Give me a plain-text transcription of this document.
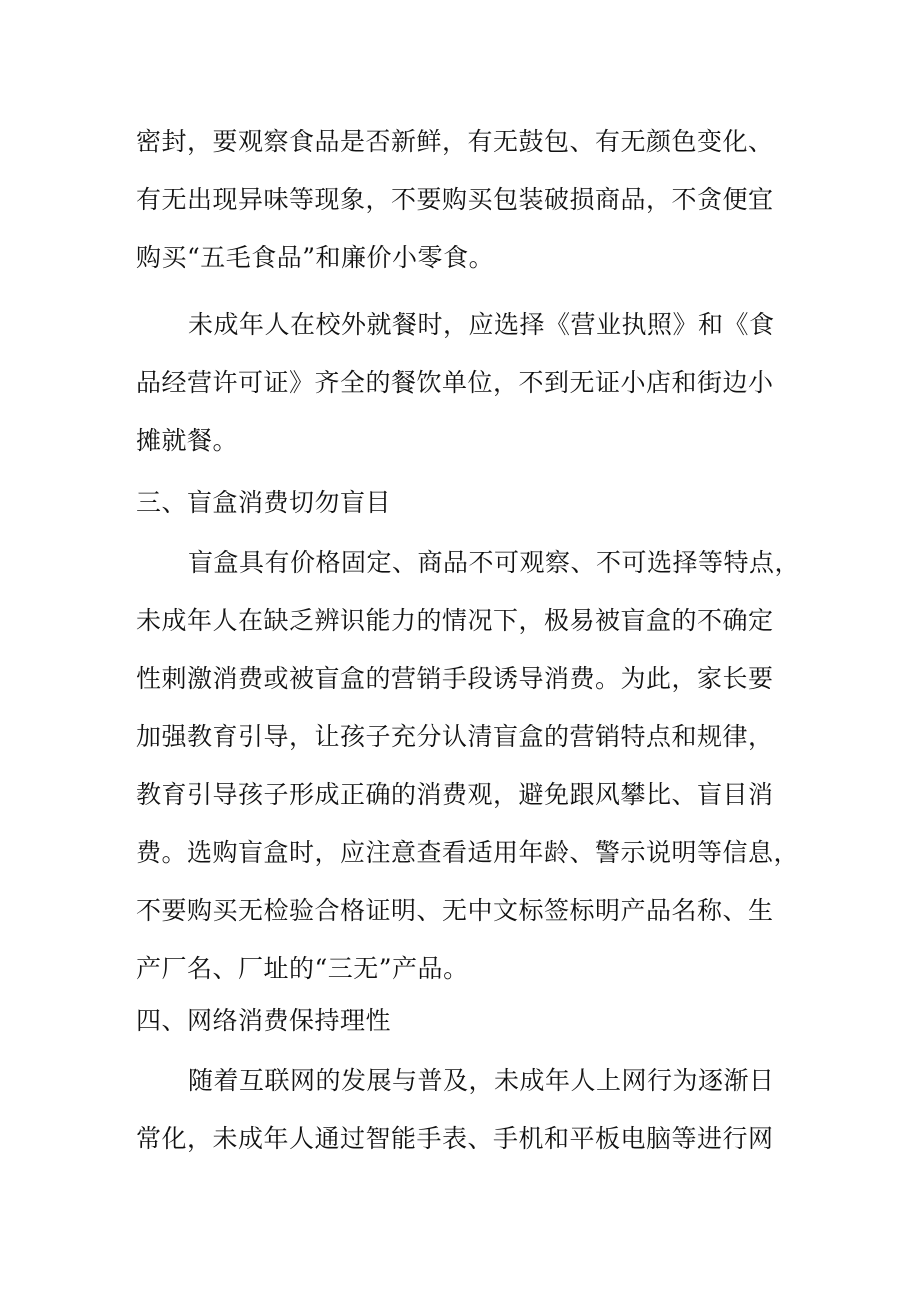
密封，要观察食品是否新鲜，有无鼓包、有无颜色变化、
有无出现异味等现象，不要购买包装破损商品，不贪便宜
购买“五毛食品”和廉价小零食。
未成年人在校外就餐时，应选择《营业执照》和《食
品经营许可证》齐全的餐饮单位，不到无证小店和街边小
摊就餐。
三、盲盒消费切勿盲目
盲盒具有价格固定、商品不可观察、不可选择等特点，
未成年人在缺乏辨识能力的情况下，极易被盲盒的不确定
性刺激消费或被盲盒的营销手段诱导消费。为此，家长要
加强教育引导，让孩子充分认清盲盒的营销特点和规律，
教育引导孩子形成正确的消费观，避免跟风攀比、盲目消
费。选购盲盒时，应注意查看适用年龄、警示说明等信息，
不要购买无检验合格证明、无中文标签标明产品名称、生
产厂名、厂址的“三无”产品。
四、网络消费保持理性
随着互联网的发展与普及，未成年人上网行为逐渐日
常化，未成年人通过智能手表、手机和平板电脑等进行网
